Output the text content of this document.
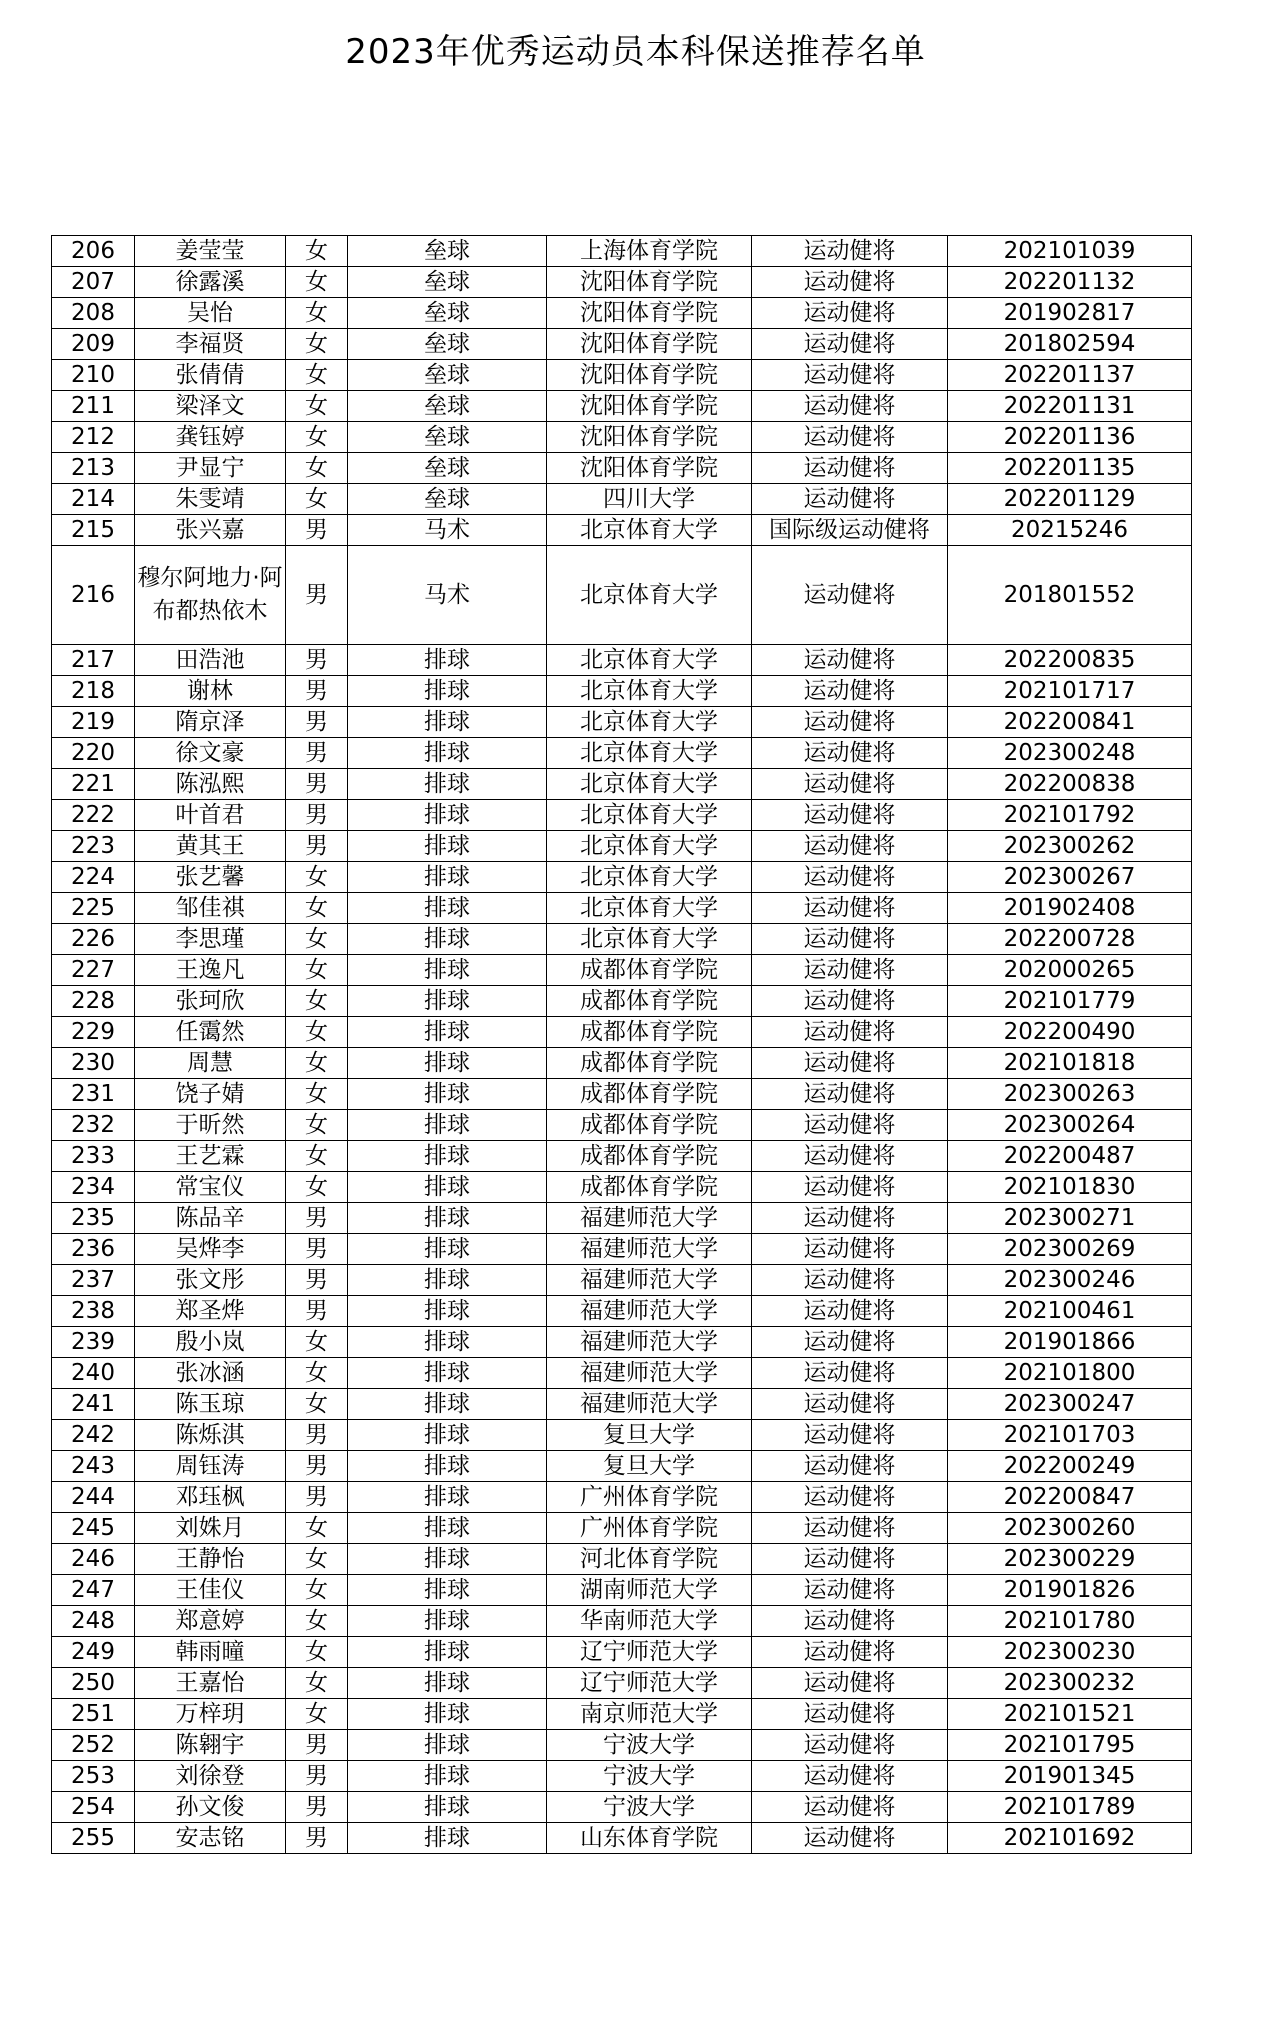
2023年优秀运动员本科保送推荐名单
206	姜莹莹	女	垒球	上海体育学院	运动健将	202101039
207	徐露溪	女	垒球	沈阳体育学院	运动健将	202201132
208	吴怡	女	垒球	沈阳体育学院	运动健将	201902817
209	李福贤	女	垒球	沈阳体育学院	运动健将	201802594
210	张倩倩	女	垒球	沈阳体育学院	运动健将	202201137
211	梁泽文	女	垒球	沈阳体育学院	运动健将	202201131
212	龚钰婷	女	垒球	沈阳体育学院	运动健将	202201136
213	尹显宁	女	垒球	沈阳体育学院	运动健将	202201135
214	朱雯靖	女	垒球	四川大学	运动健将	202201129
215	张兴嘉	男	马术	北京体育大学	国际级运动健将	20215246
216	穆尔阿地力·阿布都热依木	男	马术	北京体育大学	运动健将	201801552
217	田浩池	男	排球	北京体育大学	运动健将	202200835
218	谢林	男	排球	北京体育大学	运动健将	202101717
219	隋京泽	男	排球	北京体育大学	运动健将	202200841
220	徐文豪	男	排球	北京体育大学	运动健将	202300248
221	陈泓熙	男	排球	北京体育大学	运动健将	202200838
222	叶首君	男	排球	北京体育大学	运动健将	202101792
223	黄其王	男	排球	北京体育大学	运动健将	202300262
224	张艺馨	女	排球	北京体育大学	运动健将	202300267
225	邹佳祺	女	排球	北京体育大学	运动健将	201902408
226	李思瑾	女	排球	北京体育大学	运动健将	202200728
227	王逸凡	女	排球	成都体育学院	运动健将	202000265
228	张珂欣	女	排球	成都体育学院	运动健将	202101779
229	任霭然	女	排球	成都体育学院	运动健将	202200490
230	周慧	女	排球	成都体育学院	运动健将	202101818
231	饶子婧	女	排球	成都体育学院	运动健将	202300263
232	于昕然	女	排球	成都体育学院	运动健将	202300264
233	王艺霖	女	排球	成都体育学院	运动健将	202200487
234	常宝仪	女	排球	成都体育学院	运动健将	202101830
235	陈品辛	男	排球	福建师范大学	运动健将	202300271
236	吴烨李	男	排球	福建师范大学	运动健将	202300269
237	张文彤	男	排球	福建师范大学	运动健将	202300246
238	郑圣烨	男	排球	福建师范大学	运动健将	202100461
239	殷小岚	女	排球	福建师范大学	运动健将	201901866
240	张冰涵	女	排球	福建师范大学	运动健将	202101800
241	陈玉琼	女	排球	福建师范大学	运动健将	202300247
242	陈烁淇	男	排球	复旦大学	运动健将	202101703
243	周钰涛	男	排球	复旦大学	运动健将	202200249
244	邓珏枫	男	排球	广州体育学院	运动健将	202200847
245	刘姝月	女	排球	广州体育学院	运动健将	202300260
246	王静怡	女	排球	河北体育学院	运动健将	202300229
247	王佳仪	女	排球	湖南师范大学	运动健将	201901826
248	郑意婷	女	排球	华南师范大学	运动健将	202101780
249	韩雨曈	女	排球	辽宁师范大学	运动健将	202300230
250	王嘉怡	女	排球	辽宁师范大学	运动健将	202300232
251	万梓玥	女	排球	南京师范大学	运动健将	202101521
252	陈翱宇	男	排球	宁波大学	运动健将	202101795
253	刘徐登	男	排球	宁波大学	运动健将	201901345
254	孙文俊	男	排球	宁波大学	运动健将	202101789
255	安志铭	男	排球	山东体育学院	运动健将	202101692
